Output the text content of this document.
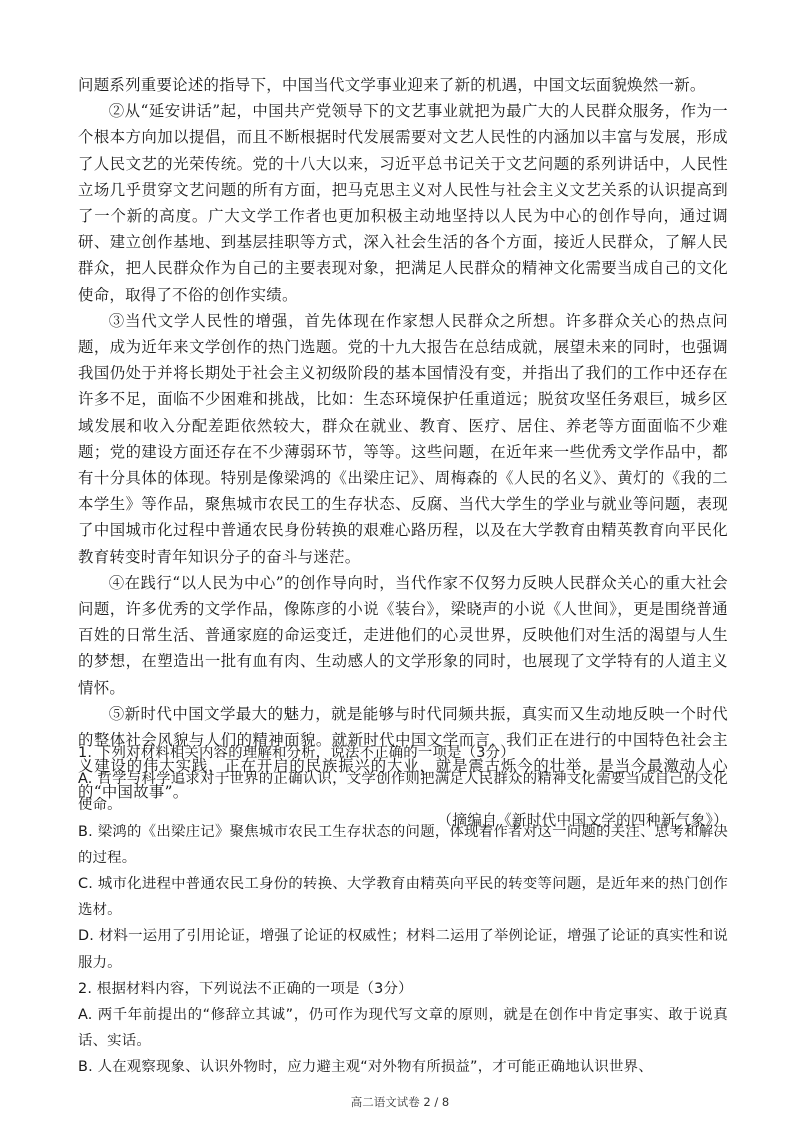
问题系列重要论述的指导下，中国当代文学事业迎来了新的机遇，中国文坛面貌焕然一新。

②从“延安讲话”起，中国共产党领导下的文艺事业就把为最广大的人民群众服务，作为一个根本方向加以提倡，而且不断根据时代发展需要对文艺人民性的内涵加以丰富与发展，形成了人民文艺的光荣传统。党的十八大以来，习近平总书记关于文艺问题的系列讲话中，人民性立场几乎贯穿文艺问题的所有方面，把马克思主义对人民性与社会主义文艺关系的认识提高到了一个新的高度。广大文学工作者也更加积极主动地坚持以人民为中心的创作导向，通过调研、建立创作基地、到基层挂职等方式，深入社会生活的各个方面，接近人民群众，了解人民群众，把人民群众作为自己的主要表现对象，把满足人民群众的精神文化需要当成自己的文化使命，取得了不俗的创作实绩。

③当代文学人民性的增强，首先体现在作家想人民群众之所想。许多群众关心的热点问题，成为近年来文学创作的热门选题。党的十九大报告在总结成就，展望未来的同时，也强调我国仍处于并将长期处于社会主义初级阶段的基本国情没有变，并指出了我们的工作中还存在许多不足，面临不少困难和挑战，比如：生态环境保护任重道远；脱贫攻坚任务艰巨，城乡区域发展和收入分配差距依然较大，群众在就业、教育、医疗、居住、养老等方面面临不少难题；党的建设方面还存在不少薄弱环节，等等。这些问题，在近年来一些优秀文学作品中，都有十分具体的体现。特别是像梁鸿的《出梁庄记》、周梅森的《人民的名义》、黄灯的《我的二本学生》等作品，聚焦城市农民工的生存状态、反腐、当代大学生的学业与就业等问题，表现了中国城市化过程中普通农民身份转换的艰难心路历程，以及在大学教育由精英教育向平民化教育转变时青年知识分子的奋斗与迷茫。

④在践行“以人民为中心”的创作导向时，当代作家不仅努力反映人民群众关心的重大社会问题，许多优秀的文学作品，像陈彦的小说《装台》，梁晓声的小说《人世间》，更是围绕普通百姓的日常生活、普通家庭的命运变迁，走进他们的心灵世界，反映他们对生活的渴望与人生的梦想，在塑造出一批有血有肉、生动感人的文学形象的同时，也展现了文学特有的人道主义情怀。

⑤新时代中国文学最大的魅力，就是能够与时代同频共振，真实而又生动地反映一个时代的整体社会风貌与人们的精神面貌。就新时代中国文学而言，我们正在进行的中国特色社会主义建设的伟大实践，正在开启的民族振兴的大业，就是震古烁今的壮举，是当今最激动人心的“中国故事”。

（摘编自《新时代中国文学的四种新气象》）

1. 下列对材料相关内容的理解和分析，说法不正确的一项是（3分）

A. 哲学与科学追求对于世界的正确认识，文学创作则把满足人民群众的精神文化需要当成自己的文化使命。

B. 梁鸿的《出梁庄记》聚焦城市农民工生存状态的问题，体现着作者对这一问题的关注、思考和解决的过程。

C. 城市化进程中普通农民工身份的转换、大学教育由精英向平民的转变等问题，是近年来的热门创作选材。

D. 材料一运用了引用论证，增强了论证的权威性；材料二运用了举例论证，增强了论证的真实性和说服力。

2. 根据材料内容，下列说法不正确的一项是（3分）

A. 两千年前提出的“修辞立其诚”，仍可作为现代写文章的原则，就是在创作中肯定事实、敢于说真话、实话。

B. 人在观察现象、认识外物时，应力避主观“对外物有所损益”，才可能正确地认识世界、

高二语文试卷 2 / 8
